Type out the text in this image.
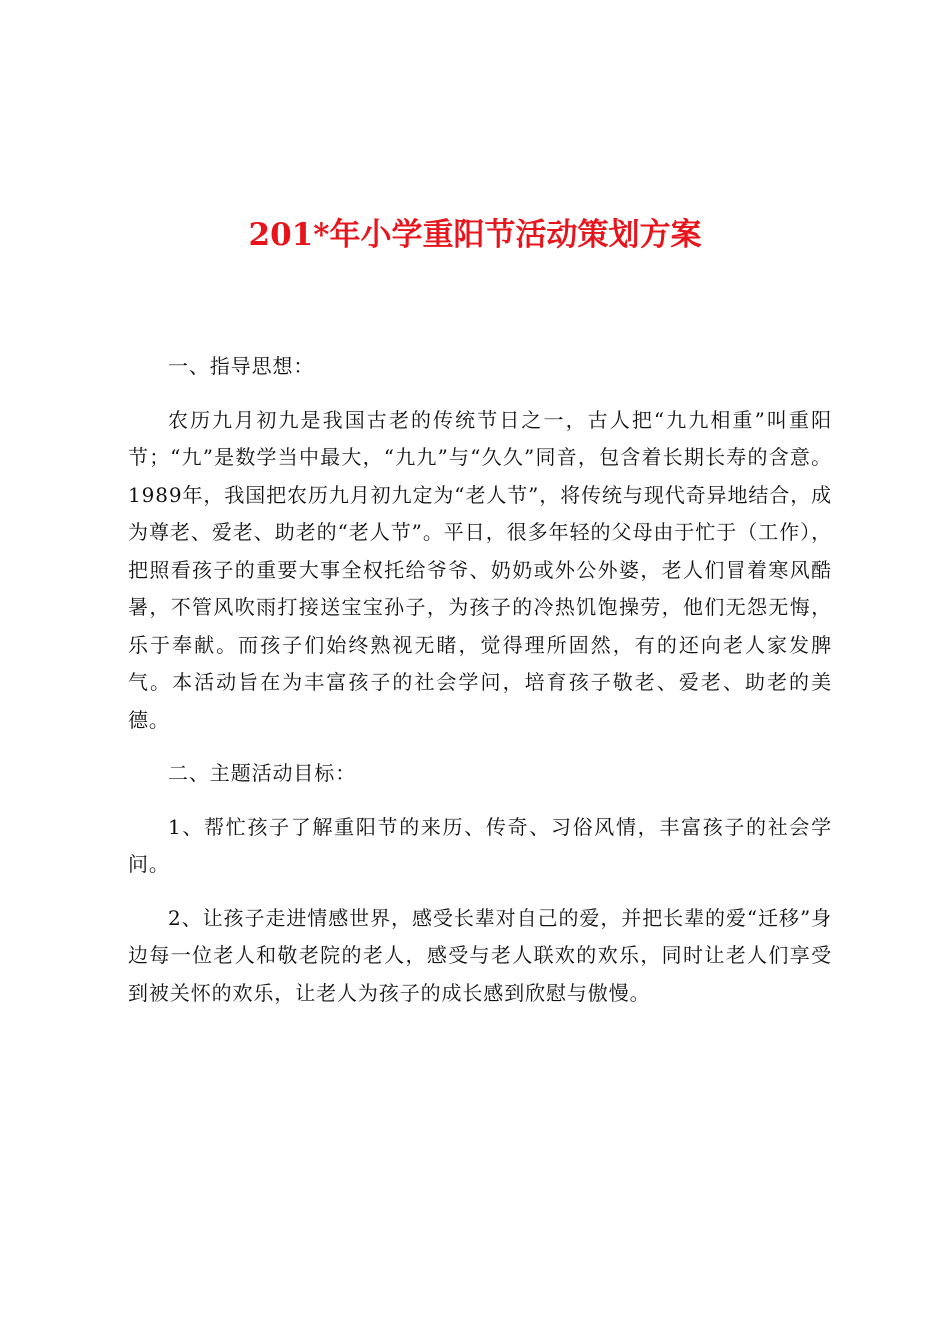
201*年小学重阳节活动策划方案

一、指导思想：

农历九月初九是我国古老的传统节日之一，古人把“九九相重”叫重阳节；“九”是数学当中最大，“九九”与“久久”同音，包含着长期长寿的含意。1989年，我国把农历九月初九定为“老人节”，将传统与现代奇异地结合，成为尊老、爱老、助老的“老人节”。平日，很多年轻的父母由于忙于（工作），把照看孩子的重要大事全权托给爷爷、奶奶或外公外婆，老人们冒着寒风酷暑，不管风吹雨打接送宝宝孙子，为孩子的冷热饥饱操劳，他们无怨无悔，乐于奉献。而孩子们始终熟视无睹，觉得理所固然，有的还向老人家发脾气。本活动旨在为丰富孩子的社会学问，培育孩子敬老、爱老、助老的美德。

二、主题活动目标：

1、帮忙孩子了解重阳节的来历、传奇、习俗风情，丰富孩子的社会学问。

2、让孩子走进情感世界，感受长辈对自己的爱，并把长辈的爱“迁移”身边每一位老人和敬老院的老人，感受与老人联欢的欢乐，同时让老人们享受到被关怀的欢乐，让老人为孩子的成长感到欣慰与傲慢。
